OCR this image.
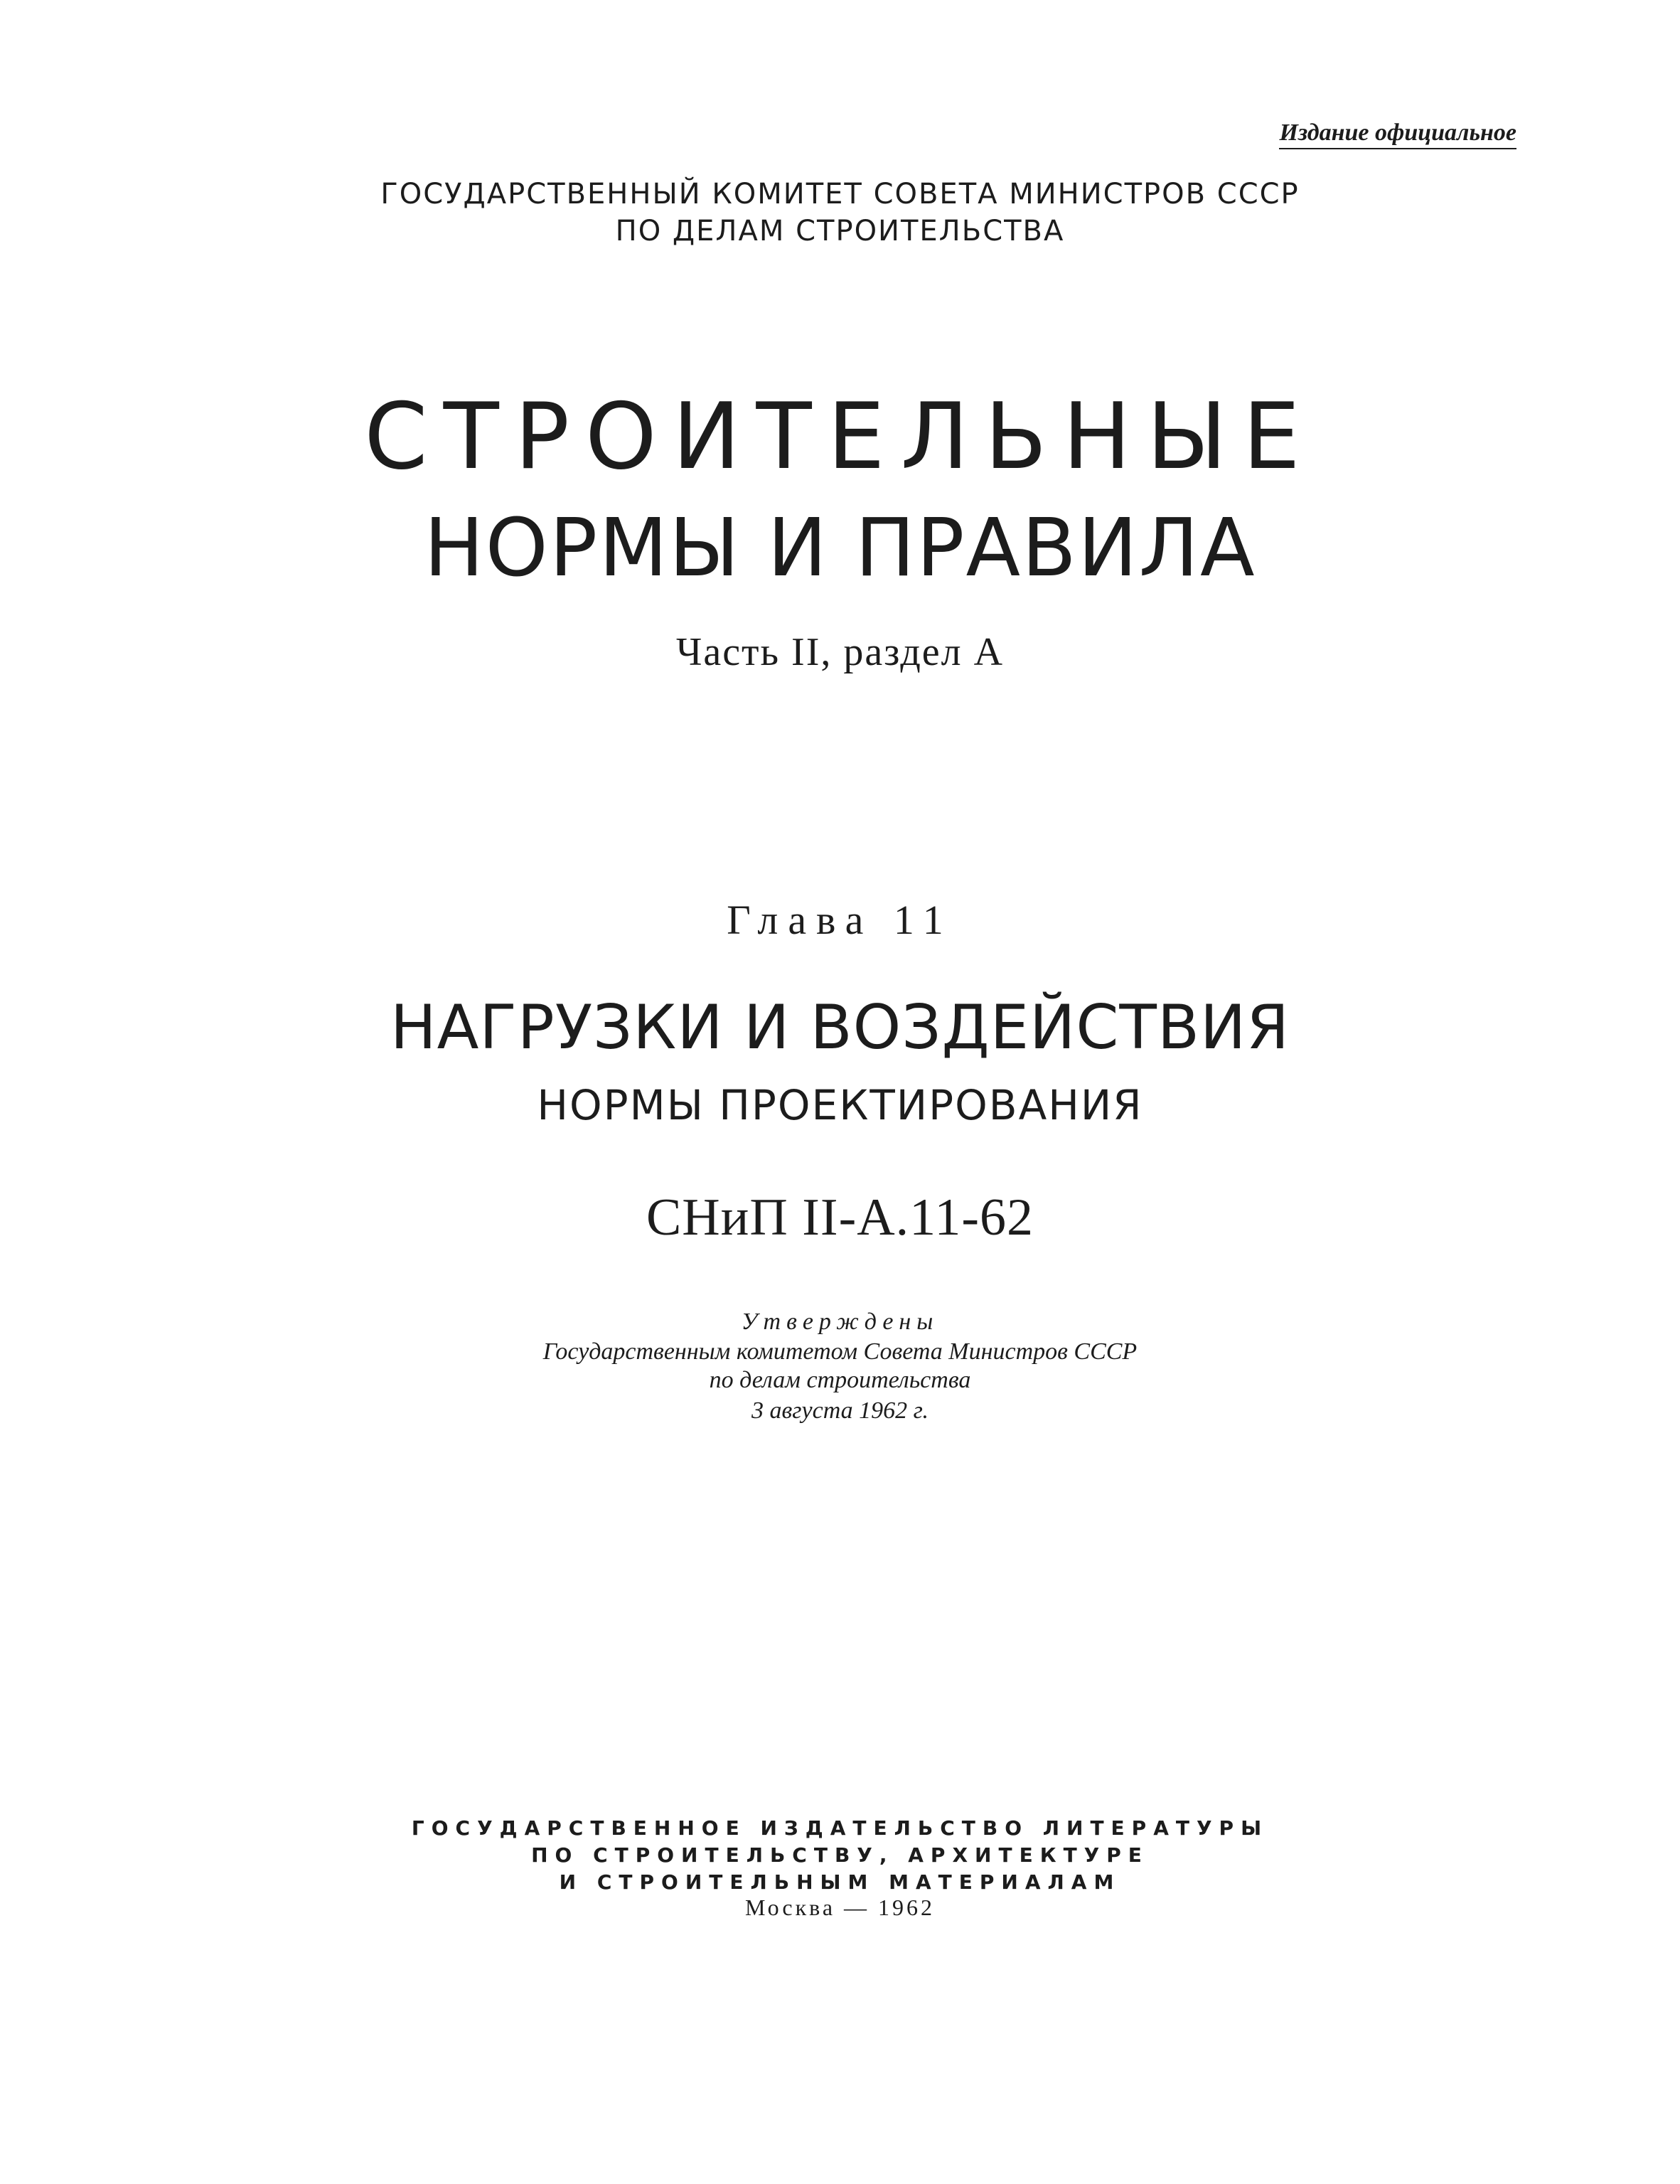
Издание официальное
ГОСУДАРСТВЕННЫЙ КОМИТЕТ СОВЕТА МИНИСТРОВ СССР
ПО ДЕЛАМ СТРОИТЕЛЬСТВА
СТРОИТЕЛЬНЫЕ
НОРМЫ И ПРАВИЛА
Часть II, раздел А
Глава 11
НАГРУЗКИ И ВОЗДЕЙСТВИЯ
НОРМЫ ПРОЕКТИРОВАНИЯ
СНиП II-А.11-62
Утверждены
Государственным комитетом Совета Министров СССР
по делам строительства
3 августа 1962 г.
ГОСУДАРСТВЕННОЕ ИЗДАТЕЛЬСТВО ЛИТЕРАТУРЫ
ПО СТРОИТЕЛЬСТВУ, АРХИТЕКТУРЕ
И СТРОИТЕЛЬНЫМ МАТЕРИАЛАМ
Москва — 1962
